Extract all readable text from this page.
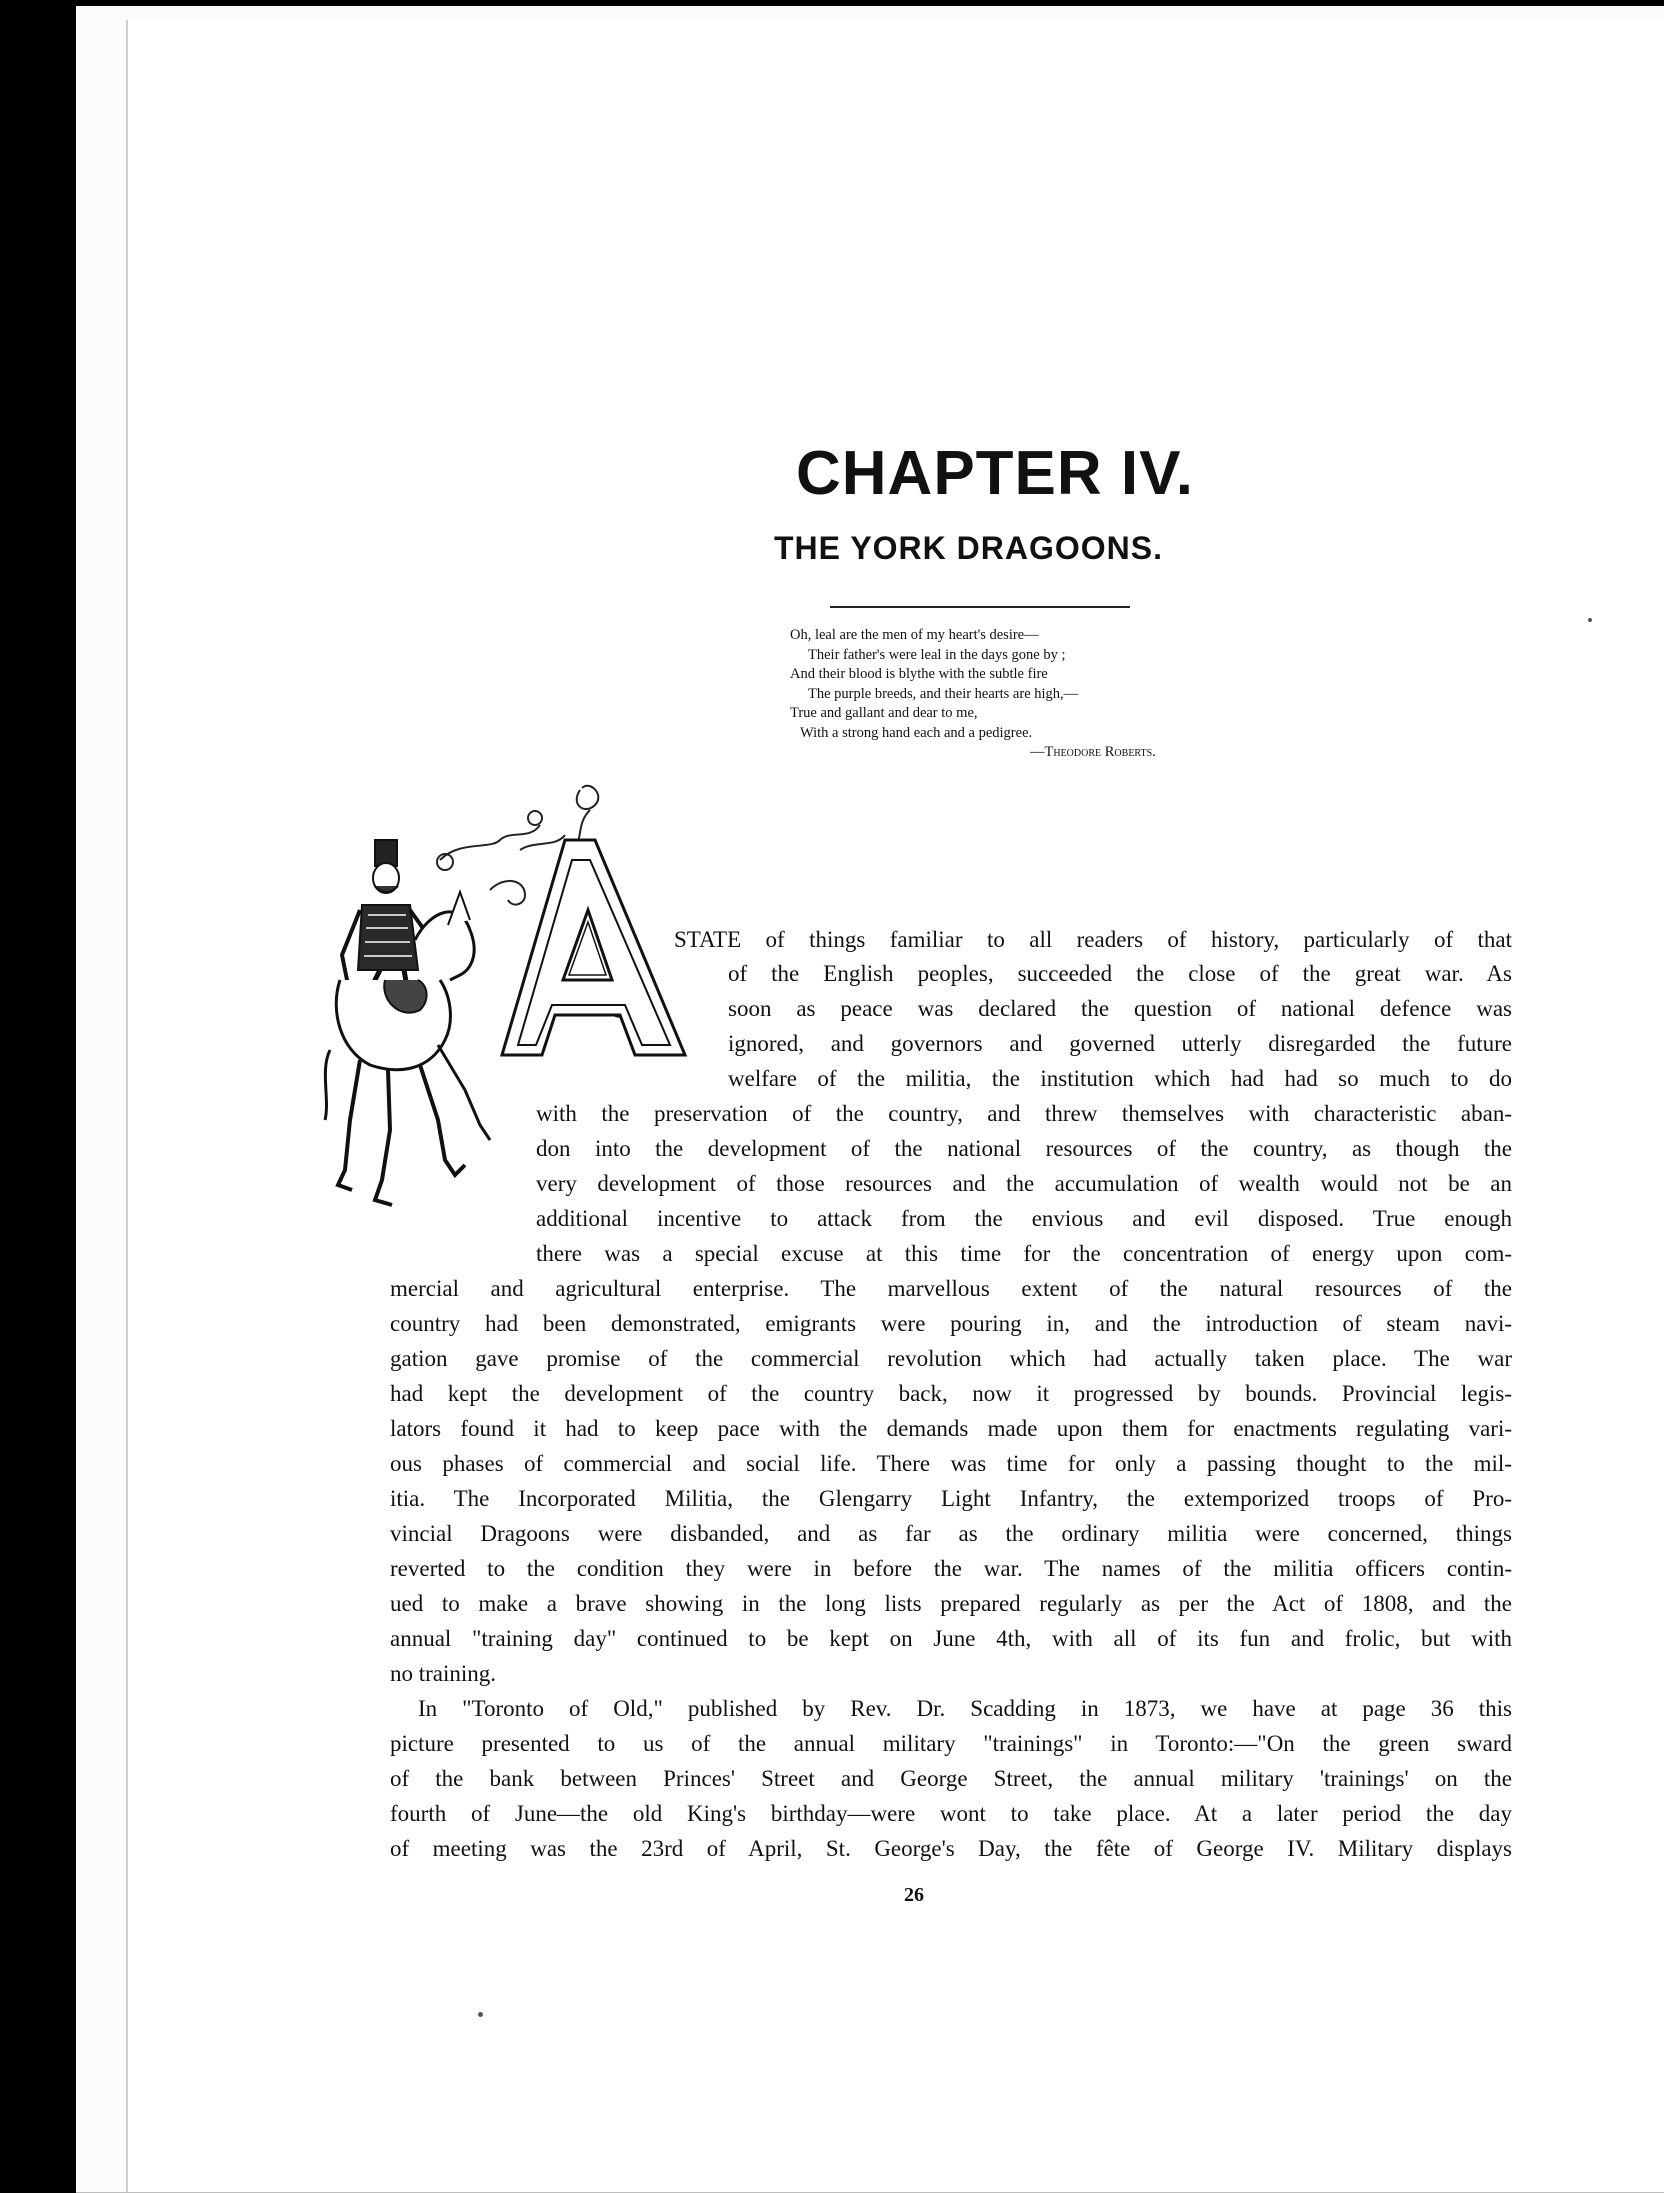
CHAPTER IV.
THE YORK DRAGOONS.
Oh, leal are the men of my heart's desire—
Their father's were leal in the days gone by ;
And their blood is blythe with the subtle fire
The purple breeds, and their hearts are high,—
True and gallant and dear to me,
With a strong hand each and a pedigree.
—Theodore Roberts.
STATE of things familiar to all readers of history, particularly of that
of the English peoples, succeeded the close of the great war. As
soon as peace was declared the question of national defence was
ignored, and governors and governed utterly disregarded the future
welfare of the militia, the institution which had had so much to do
with the preservation of the country, and threw themselves with characteristic aban-
don into the development of the national resources of the country, as though the
very development of those resources and the accumulation of wealth would not be an
additional incentive to attack from the envious and evil disposed. True enough
there was a special excuse at this time for the concentration of energy upon com-
mercial and agricultural enterprise. The marvellous extent of the natural resources of the
country had been demonstrated, emigrants were pouring in, and the introduction of steam navi-
gation gave promise of the commercial revolution which had actually taken place. The war
had kept the development of the country back, now it progressed by bounds. Provincial legis-
lators found it had to keep pace with the demands made upon them for enactments regulating vari-
ous phases of commercial and social life. There was time for only a passing thought to the mil-
itia. The Incorporated Militia, the Glengarry Light Infantry, the extemporized troops of Pro-
vincial Dragoons were disbanded, and as far as the ordinary militia were concerned, things
reverted to the condition they were in before the war. The names of the militia officers contin-
ued to make a brave showing in the long lists prepared regularly as per the Act of 1808, and the
annual "training day" continued to be kept on June 4th, with all of its fun and frolic, but with
no training.
In "Toronto of Old," published by Rev. Dr. Scadding in 1873, we have at page 36 this
picture presented to us of the annual military "trainings" in Toronto:—"On the green sward
of the bank between Princes' Street and George Street, the annual military 'trainings' on the
fourth of June—the old King's birthday—were wont to take place. At a later period the day
of meeting was the 23rd of April, St. George's Day, the fête of George IV. Military displays
26
